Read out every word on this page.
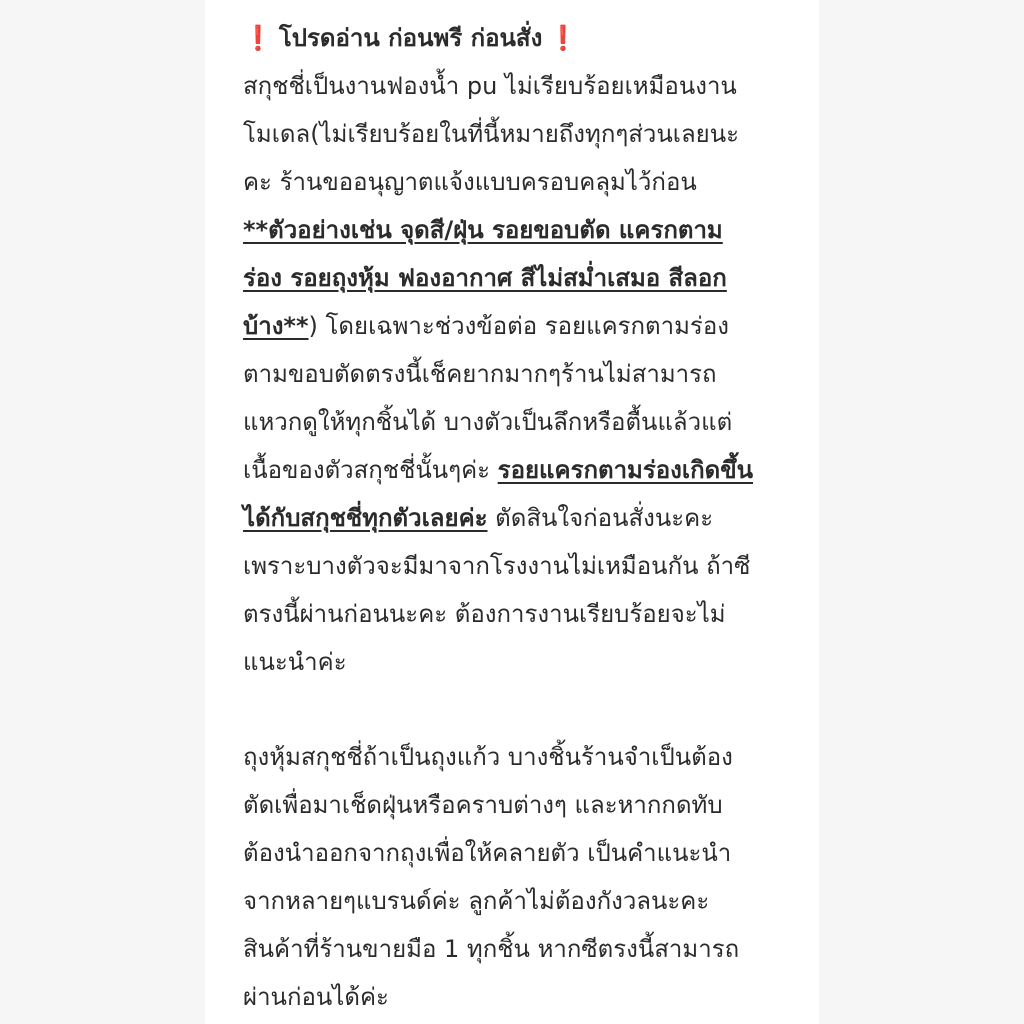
❗ โปรดอ่าน ก่อนพรี ก่อนสั่ง ❗
สกุชชี่เป็นงานฟองน้ำ pu ไม่เรียบร้อยเหมือนงาน
โมเดล(ไม่เรียบร้อยในที่นี้หมายถึงทุกๆส่วนเลยนะ
คะ ร้านขออนุญาตแจ้งแบบครอบคลุมไว้ก่อน
**ตัวอย่างเช่น จุดสี/ฝุ่น รอยขอบตัด แครกตาม
ร่อง รอยถุงหุ้ม ฟองอากาศ สีไม่สม่ำเสมอ สีลอก
บ้าง**) โดยเฉพาะช่วงข้อต่อ รอยแครกตามร่อง
ตามขอบตัดตรงนี้เช็คยากมากๆร้านไม่สามารถ
แหวกดูให้ทุกชิ้นได้ บางตัวเป็นลึกหรือตื้นแล้วแต่
เนื้อของตัวสกุชชี่นั้นๆค่ะ รอยแครกตามร่องเกิดขึ้น
ได้กับสกุชชี่ทุกตัวเลยค่ะ ตัดสินใจก่อนสั่งนะคะ
เพราะบางตัวจะมีมาจากโรงงานไม่เหมือนกัน ถ้าซี
ตรงนี้ผ่านก่อนนะคะ ต้องการงานเรียบร้อยจะไม่
แนะนำค่ะ
ถุงหุ้มสกุชชี่ถ้าเป็นถุงแก้ว บางชิ้นร้านจำเป็นต้อง
ตัดเพื่อมาเช็ดฝุ่นหรือคราบต่างๆ และหากกดทับ
ต้องนำออกจากถุงเพื่อให้คลายตัว เป็นคำแนะนำ
จากหลายๆแบรนด์ค่ะ ลูกค้าไม่ต้องกังวลนะคะ
สินค้าที่ร้านขายมือ 1 ทุกชิ้น หากซีตรงนี้สามารถ
ผ่านก่อนได้ค่ะ
